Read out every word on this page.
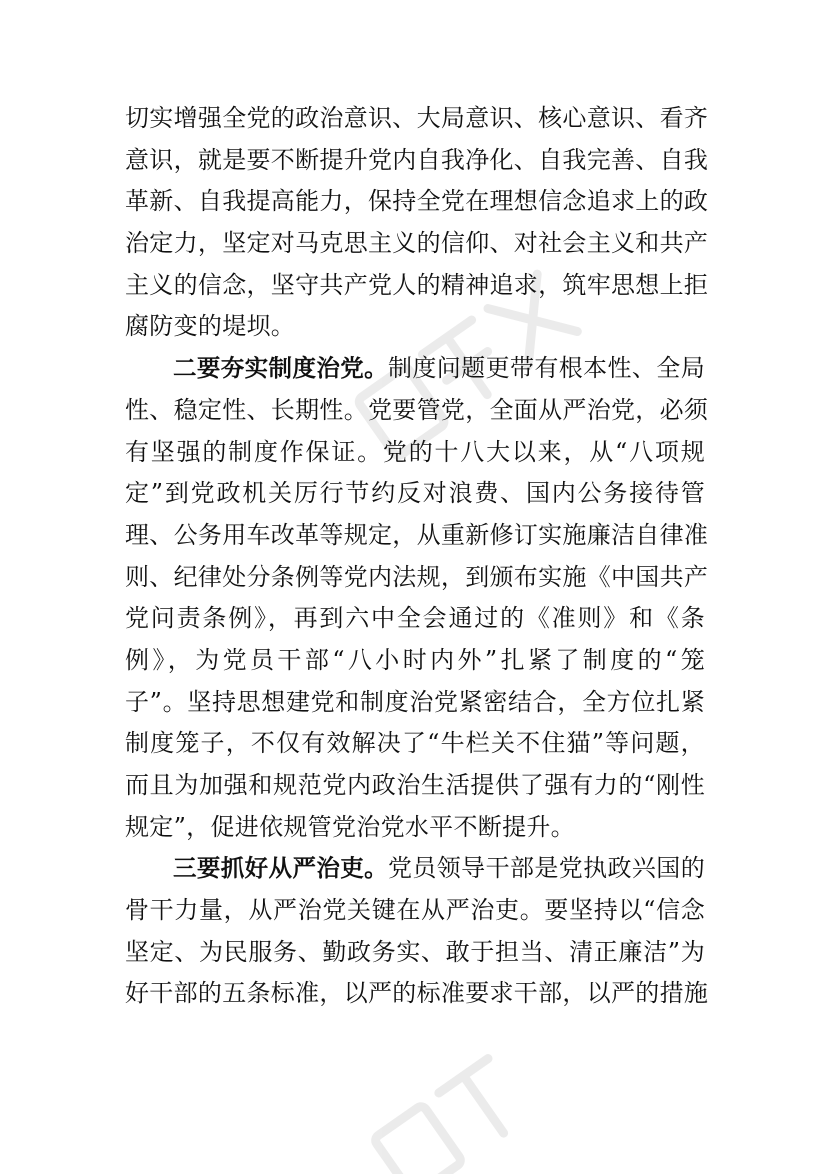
切实增强全党的政治意识、大局意识、核心意识、看齐
意识，就是要不断提升党内自我净化、自我完善、自我
革新、自我提高能力，保持全党在理想信念追求上的政
治定力，坚定对马克思主义的信仰、对社会主义和共产
主义的信念，坚守共产党人的精神追求，筑牢思想上拒
腐防变的堤坝。
二要夯实制度治党。制度问题更带有根本性、全局
性、稳定性、长期性。党要管党，全面从严治党，必须
有坚强的制度作保证。党的十八大以来，从“八项规
定”到党政机关厉行节约反对浪费、国内公务接待管
理、公务用车改革等规定，从重新修订实施廉洁自律准
则、纪律处分条例等党内法规，到颁布实施《中国共产
党问责条例》，再到六中全会通过的《准则》和《条
例》，为党员干部“八小时内外”扎紧了制度的“笼
子”。坚持思想建党和制度治党紧密结合，全方位扎紧
制度笼子，不仅有效解决了“牛栏关不住猫”等问题，
而且为加强和规范党内政治生活提供了强有力的“刚性
规定”，促进依规管党治党水平不断提升。
三要抓好从严治吏。党员领导干部是党执政兴国的
骨干力量，从严治党关键在从严治吏。要坚持以“信念
坚定、为民服务、勤政务实、敢于担当、清正廉洁”为
好干部的五条标准，以严的标准要求干部，以严的措施
